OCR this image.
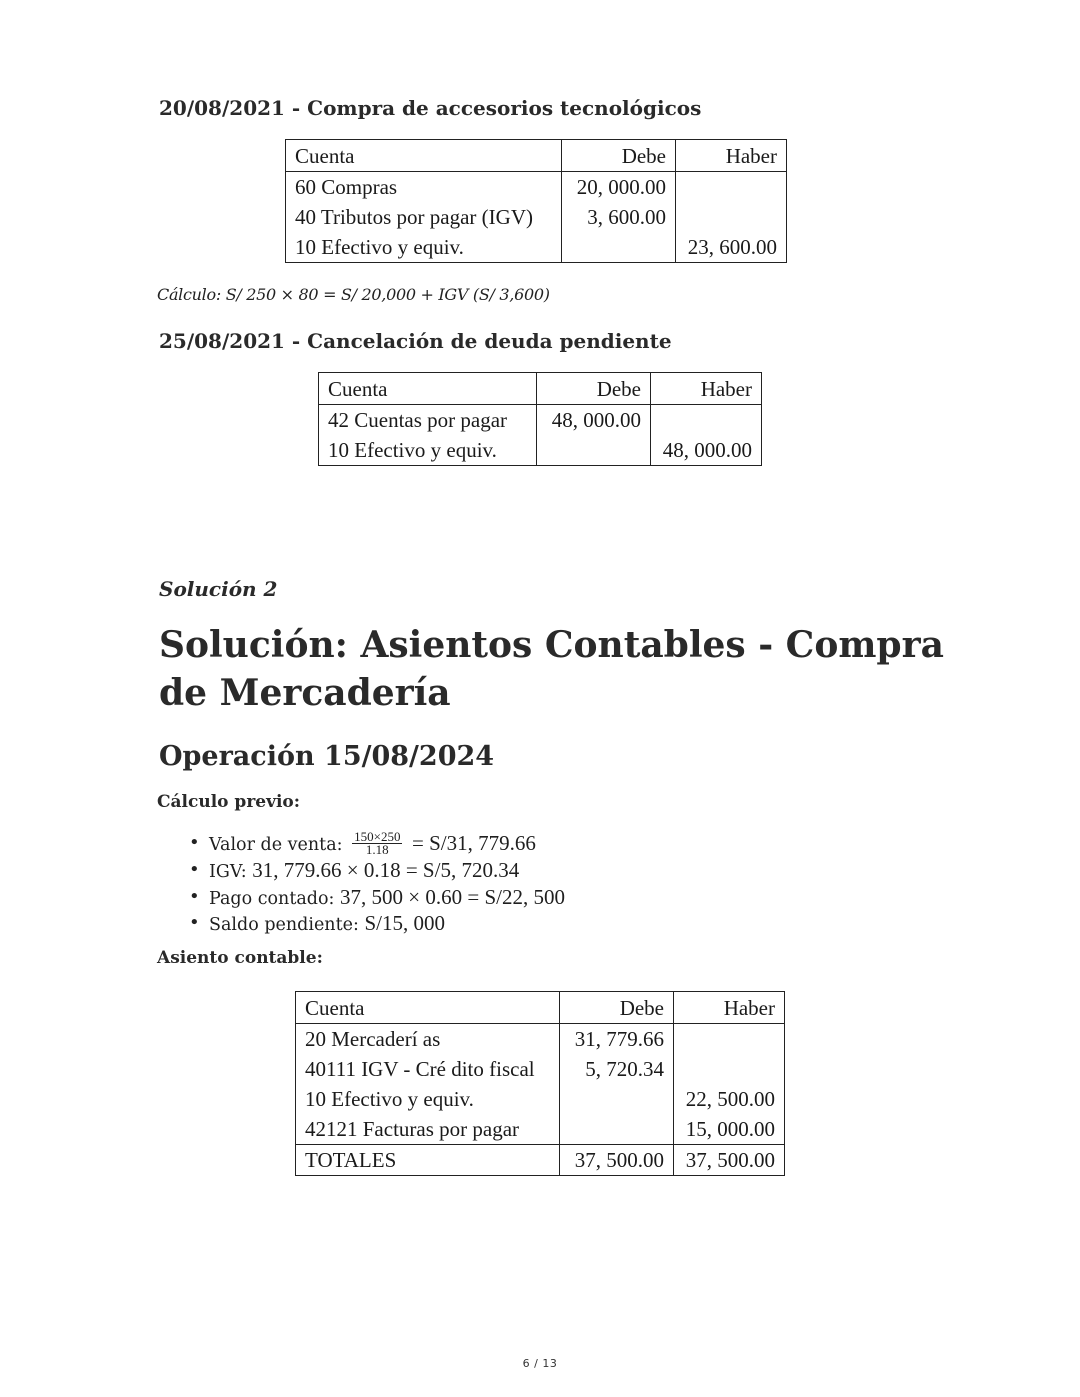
20/08/2021 - Compra de accesorios tecnológicos
Cuenta	Debe	Haber
60 Compras	20, 000.00	
40 Tributos por pagar (IGV)	3, 600.00	
10 Efectivo y equiv.		23, 600.00
Cálculo: S/ 250 × 80 = S/ 20,000 + IGV (S/ 3,600)
25/08/2021 - Cancelación de deuda pendiente
Cuenta	Debe	Haber
42 Cuentas por pagar	48, 000.00	
10 Efectivo y equiv.		48, 000.00
Solución 2
Solución: Asientos Contables - Compra de Mercadería
Operación 15/08/2024
Cálculo previo:
• Valor de venta: $\frac{150\times 250}{1.18} = S/31$, 779.66
• IGV: 31, 779.66 × 0.18 = S/5, 720.34
• Pago contado: 37, 500 × 0.60 = S/22, 500
• Saldo pendiente: S/15, 000
Asiento contable:
Cuenta	Debe	Haber
20 Mercaderí as	31, 779.66	
40111 IGV - Cré dito fiscal	5, 720.34	
10 Efectivo y equiv.		22, 500.00
42121 Facturas por pagar		15, 000.00
TOTALES	37, 500.00	37, 500.00
6 / 13
